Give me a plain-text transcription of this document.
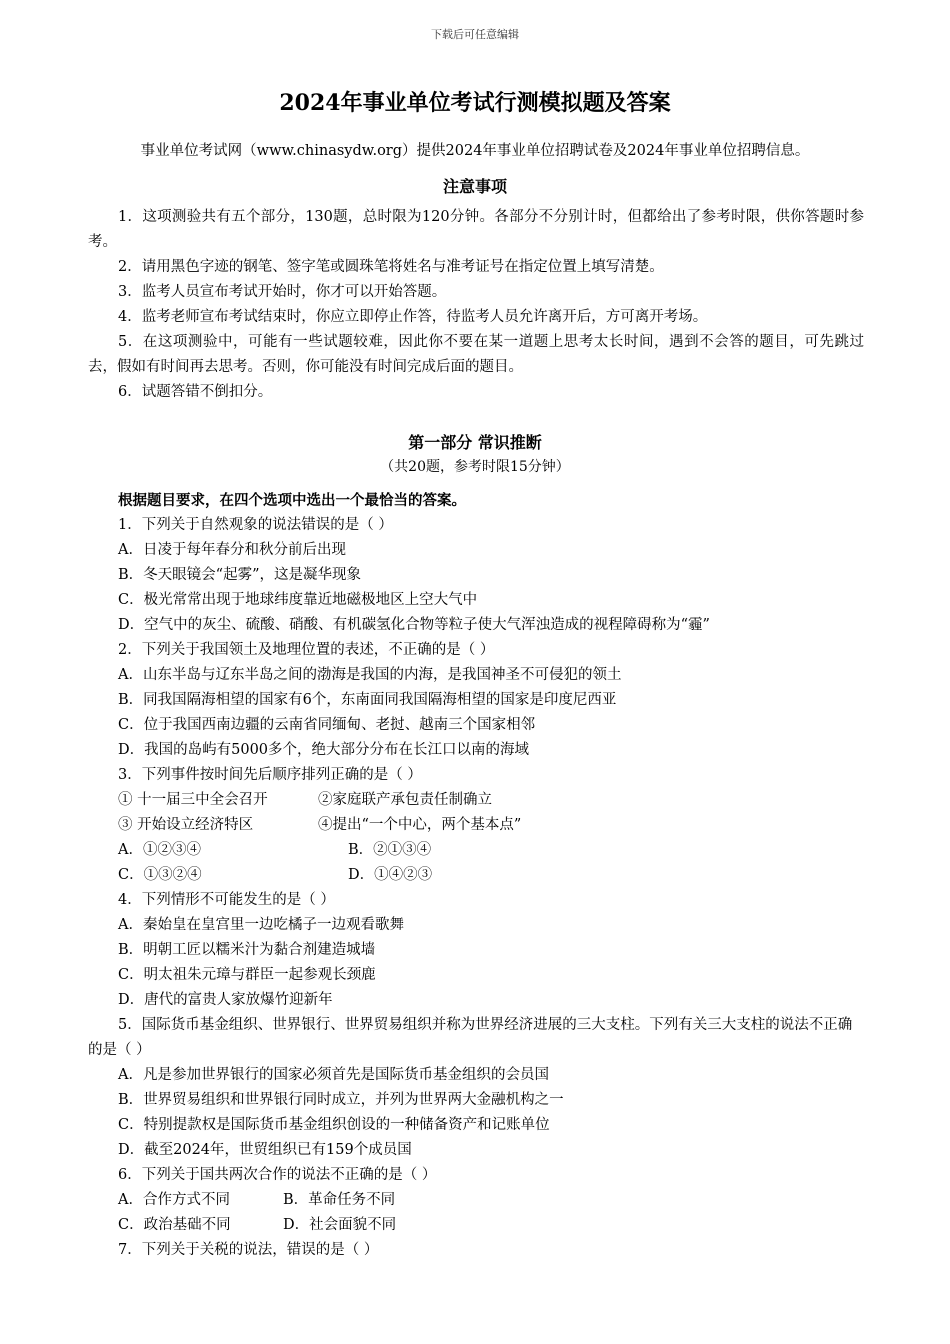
下载后可任意编辑
2024年事业单位考试行测模拟题及答案
事业单位考试网（www.chinasydw.org）提供2024年事业单位招聘试卷及2024年事业单位招聘信息。
注意事项

1．这项测验共有五个部分，130题，总时限为120分钟。各部分不分别计时，但都给出了参考时限，供你答题时参考。

2．请用黑色字迹的钢笔、签字笔或圆珠笔将姓名与准考证号在指定位置上填写清楚。

3．监考人员宣布考试开始时，你才可以开始答题。

4．监考老师宣布考试结束时，你应立即停止作答，待监考人员允许离开后，方可离开考场。

5．在这项测验中，可能有一些试题较难，因此你不要在某一道题上思考太长时间，遇到不会答的题目，可先跳过去，假如有时间再去思考。否则，你可能没有时间完成后面的题目。

6．试题答错不倒扣分。

第一部分 常识推断
（共20题，参考时限15分钟）

根据题目要求，在四个选项中选出一个最恰当的答案。

1．下列关于自然观象的说法错误的是（ ）

A．日凌于每年春分和秋分前后出现

B．冬天眼镜会“起雾”，这是凝华现象

C．极光常常出现于地球纬度靠近地磁极地区上空大气中

D．空气中的灰尘、硫酸、硝酸、有机碳氢化合物等粒子使大气浑浊造成的视程障碍称为“霾”

2．下列关于我国领土及地理位置的表述，不正确的是（ ）

A．山东半岛与辽东半岛之间的渤海是我国的内海，是我国神圣不可侵犯的领土

B．同我国隔海相望的国家有6个，东南面同我国隔海相望的国家是印度尼西亚

C．位于我国西南边疆的云南省同缅甸、老挝、越南三个国家相邻

D．我国的岛屿有5000多个，绝大部分分布在长江口以南的海域

3．下列事件按时间先后顺序排列正确的是（ ）

① 十一届三中全会召开	②家庭联产承包责任制确立

③ 开始设立经济特区	④提出“一个中心，两个基本点”

A．①②③④	B．②①③④

C．①③②④	D．①④②③

4．下列情形不可能发生的是（ ）

A．秦始皇在皇宫里一边吃橘子一边观看歌舞

B．明朝工匠以糯米汁为黏合剂建造城墙

C．明太祖朱元璋与群臣一起参观长颈鹿

D．唐代的富贵人家放爆竹迎新年

5．国际货币基金组织、世界银行、世界贸易组织并称为世界经济进展的三大支柱。下列有关三大支柱的说法不正确的是（ ）

A．凡是参加世界银行的国家必须首先是国际货币基金组织的会员国

B．世界贸易组织和世界银行同时成立，并列为世界两大金融机构之一

C．特别提款权是国际货币基金组织创设的一种储备资产和记账单位

D．截至2024年，世贸组织已有159个成员国

6．下列关于国共两次合作的说法不正确的是（ ）

A．合作方式不同	B．革命任务不同

C．政治基础不同	D．社会面貌不同

7．下列关于关税的说法，错误的是（ ）
